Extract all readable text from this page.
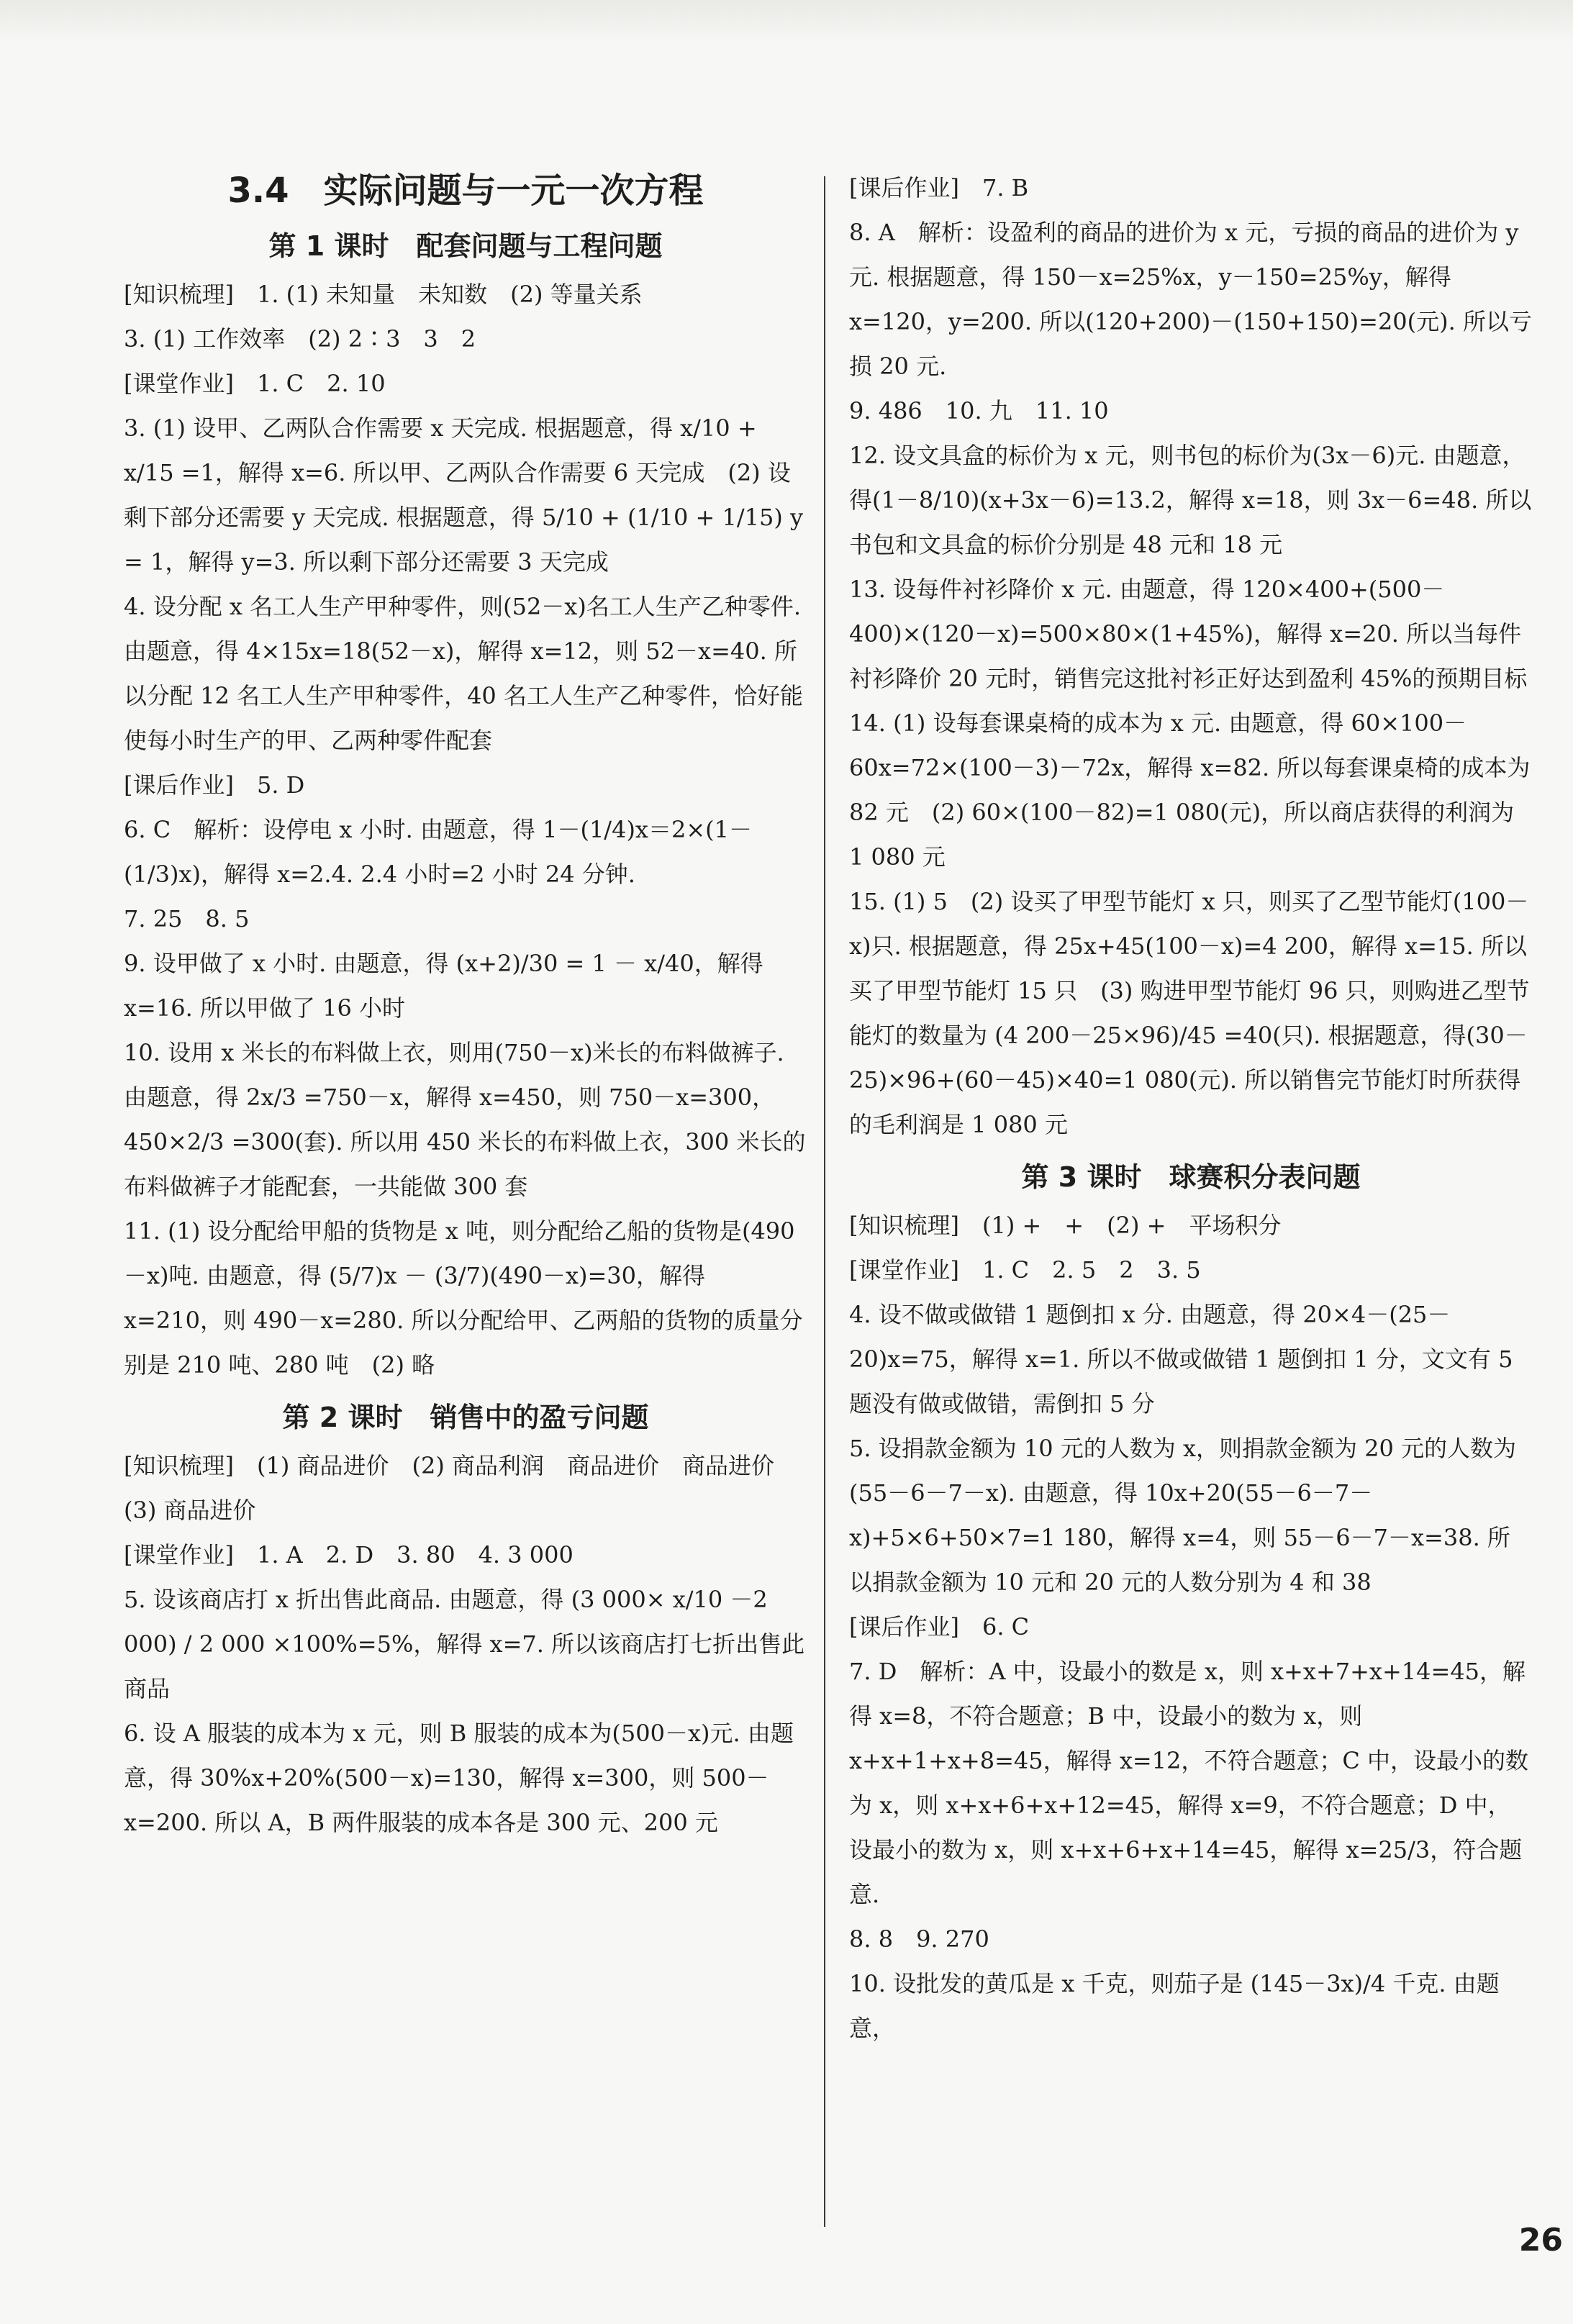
3.4　实际问题与一元一次方程
第 1 课时　配套问题与工程问题

[知识梳理]　1. (1) 未知量　未知数　(2) 等量关系

3. (1) 工作效率　(2) 2∶3　3　2

[课堂作业]　1. C　2. 10

3. (1) 设甲、乙两队合作需要 x 天完成. 根据题意，得 x/10 + x/15 =1，解得 x=6. 所以甲、乙两队合作需要 6 天完成　(2) 设剩下部分还需要 y 天完成. 根据题意，得 5/10 + (1/10 + 1/15) y = 1，解得 y=3. 所以剩下部分还需要 3 天完成

4. 设分配 x 名工人生产甲种零件，则(52－x)名工人生产乙种零件. 由题意，得 4×15x=18(52－x)，解得 x=12，则 52－x=40. 所以分配 12 名工人生产甲种零件，40 名工人生产乙种零件，恰好能使每小时生产的甲、乙两种零件配套

[课后作业]　5. D

6. C　解析：设停电 x 小时. 由题意，得 1－(1/4)x＝2×(1－(1/3)x)，解得 x=2.4. 2.4 小时=2 小时 24 分钟.

7. 25　8. 5

9. 设甲做了 x 小时. 由题意，得 (x+2)/30 = 1 － x/40，解得 x=16. 所以甲做了 16 小时

10. 设用 x 米长的布料做上衣，则用(750－x)米长的布料做裤子. 由题意，得 2x/3 =750－x，解得 x=450，则 750－x=300，450×2/3 =300(套). 所以用 450 米长的布料做上衣，300 米长的布料做裤子才能配套，一共能做 300 套

11. (1) 设分配给甲船的货物是 x 吨，则分配给乙船的货物是(490－x)吨. 由题意，得 (5/7)x － (3/7)(490－x)=30，解得 x=210，则 490－x=280. 所以分配给甲、乙两船的货物的质量分别是 210 吨、280 吨　(2) 略

第 2 课时　销售中的盈亏问题

[知识梳理]　(1) 商品进价　(2) 商品利润　商品进价　商品进价　(3) 商品进价

[课堂作业]　1. A　2. D　3. 80　4. 3 000

5. 设该商店打 x 折出售此商品. 由题意，得 (3 000× x/10 －2 000) / 2 000 ×100%=5%，解得 x=7. 所以该商店打七折出售此商品

6. 设 A 服装的成本为 x 元，则 B 服装的成本为(500－x)元. 由题意，得 30%x+20%(500－x)=130，解得 x=300，则 500－x=200. 所以 A，B 两件服装的成本各是 300 元、200 元

[课后作业]　7. B

8. A　解析：设盈利的商品的进价为 x 元，亏损的商品的进价为 y 元. 根据题意，得 150－x=25%x，y－150=25%y，解得 x=120，y=200. 所以(120+200)－(150+150)=20(元). 所以亏损 20 元.

9. 486　10. 九　11. 10

12. 设文具盒的标价为 x 元，则书包的标价为(3x－6)元. 由题意，得(1－8/10)(x+3x－6)=13.2，解得 x=18，则 3x－6=48. 所以书包和文具盒的标价分别是 48 元和 18 元

13. 设每件衬衫降价 x 元. 由题意，得 120×400+(500－400)×(120－x)=500×80×(1+45%)，解得 x=20. 所以当每件衬衫降价 20 元时，销售完这批衬衫正好达到盈利 45%的预期目标

14. (1) 设每套课桌椅的成本为 x 元. 由题意，得 60×100－60x=72×(100－3)－72x，解得 x=82. 所以每套课桌椅的成本为 82 元　(2) 60×(100－82)=1 080(元)，所以商店获得的利润为 1 080 元

15. (1) 5　(2) 设买了甲型节能灯 x 只，则买了乙型节能灯(100－x)只. 根据题意，得 25x+45(100－x)=4 200，解得 x=15. 所以买了甲型节能灯 15 只　(3) 购进甲型节能灯 96 只，则购进乙型节能灯的数量为 (4 200－25×96)/45 =40(只). 根据题意，得(30－25)×96+(60－45)×40=1 080(元). 所以销售完节能灯时所获得的毛利润是 1 080 元

第 3 课时　球赛积分表问题

[知识梳理]　(1) +　+　(2) +　平场积分

[课堂作业]　1. C　2. 5　2　3. 5

4. 设不做或做错 1 题倒扣 x 分. 由题意，得 20×4－(25－20)x=75，解得 x=1. 所以不做或做错 1 题倒扣 1 分，文文有 5 题没有做或做错，需倒扣 5 分

5. 设捐款金额为 10 元的人数为 x，则捐款金额为 20 元的人数为(55－6－7－x). 由题意，得 10x+20(55－6－7－x)+5×6+50×7=1 180，解得 x=4，则 55－6－7－x=38. 所以捐款金额为 10 元和 20 元的人数分别为 4 和 38

[课后作业]　6. C

7. D　解析：A 中，设最小的数是 x，则 x+x+7+x+14=45，解得 x=8，不符合题意；B 中，设最小的数为 x，则 x+x+1+x+8=45，解得 x=12，不符合题意；C 中，设最小的数为 x，则 x+x+6+x+12=45，解得 x=9，不符合题意；D 中，设最小的数为 x，则 x+x+6+x+14=45，解得 x=25/3，符合题意.

8. 8　9. 270

10. 设批发的黄瓜是 x 千克，则茄子是 (145－3x)/4 千克. 由题意，

26
